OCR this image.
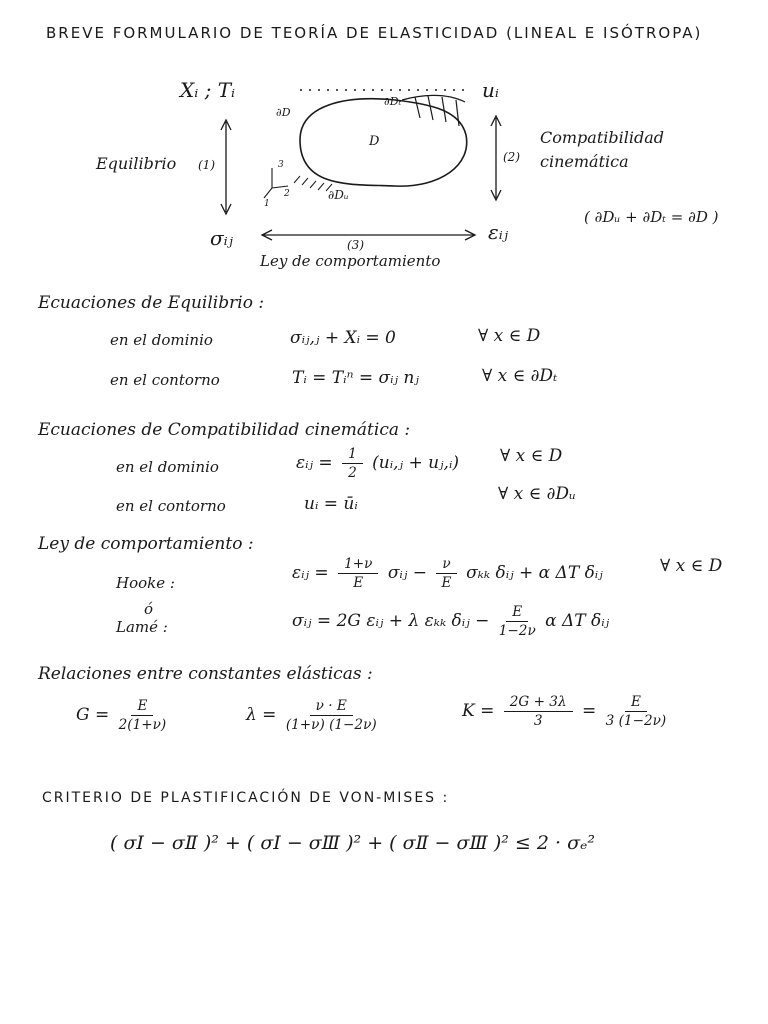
BREVE FORMULARIO DE TEORÍA DE ELASTICIDAD (LINEAL E ISÓTROPA)
Xᵢ ; Tᵢ	uᵢ
∂D
∂Dₜ
D
∂Dᵤ
3
2
1
Equilibrio (1)
(2)
Compatibilidad
cinemática
( ∂Dᵤ + ∂Dₜ = ∂D )
σᵢⱼ	εᵢⱼ
(3)
Ley de comportamiento
Ecuaciones de Equilibrio :
en el dominio	σᵢⱼ,ⱼ + Xᵢ = 0	∀ x ∈ D
en el contorno	Tᵢ = Tᵢⁿ = σᵢⱼ nⱼ	∀ x ∈ ∂Dₜ
Ecuaciones de Compatibilidad cinemática :
en el dominio	εᵢⱼ = $\frac{1}{2}$ (uᵢ,ⱼ + uⱼ,ᵢ) ∀ x ∈ D
en el contorno	uᵢ = ūᵢ	∀ x ∈ ∂Dᵤ
Ley de comportamiento :
Hooke :	εᵢⱼ = $\frac{1+\nu}{E}$ σᵢⱼ − $\frac{\nu}{E}$ σₖₖ δᵢⱼ + α ΔT δᵢⱼ	∀ x ∈ D
ó
Lamé :	σᵢⱼ = 2G εᵢⱼ + λ εₖₖ δᵢⱼ − $\frac{E}{1-2\nu}$ α ΔT δᵢⱼ
Relaciones entre constantes elásticas :
$G = \frac{E}{2(1+\nu)}$	$\lambda = \frac{\nu \cdot E}{(1+\nu) (1-2\nu)}$	$K = \frac{2G + 3\lambda}{3} = \frac{E}{3 (1-2\nu)}$
CRITERIO DE PLASTIFICACIÓN DE VON-MISES :
( σⅠ − σⅡ )² + ( σⅠ − σⅢ )² + ( σⅡ − σⅢ )² ≤ 2 · σₑ²
